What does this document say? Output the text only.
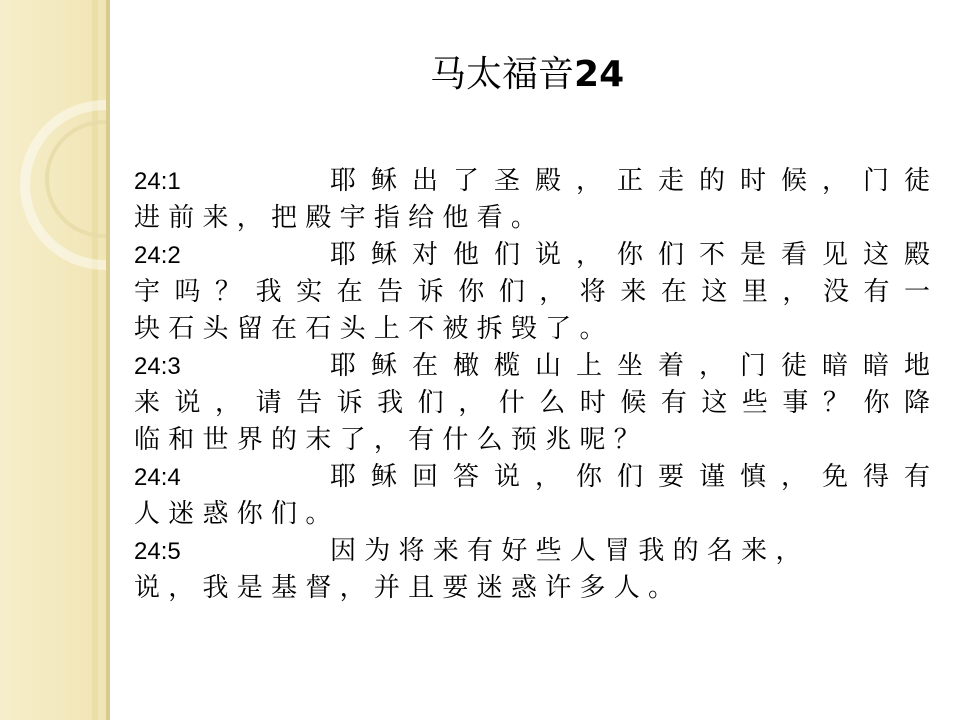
马太福音24
24:1	耶 稣 出 了 圣 殿 ， 正 走 的 时 候 ， 门 徒
进 前 来 ， 把 殿 宇 指 给 他 看 。
24:2	耶 稣 对 他 们 说 ， 你 们 不 是 看 见 这 殿
宇 吗 ？ 我 实 在 告 诉 你 们 ， 将 来 在 这 里 ， 没 有 一
块 石 头 留 在 石 头 上 不 被 拆 毁 了 。
24:3	耶 稣 在 橄 榄 山 上 坐 着 ， 门 徒 暗 暗 地
来 说 ， 请 告 诉 我 们 ， 什 么 时 候 有 这 些 事 ？ 你 降
临 和 世 界 的 末 了 ， 有 什 么 预 兆 呢 ？
24:4	耶 稣 回 答 说 ， 你 们 要 谨 慎 ， 免 得 有
人 迷 惑 你 们 。
24:5	因 为 将 来 有 好 些 人 冒 我 的 名 来 ，
说 ， 我 是 基 督 ， 并 且 要 迷 惑 许 多 人 。
